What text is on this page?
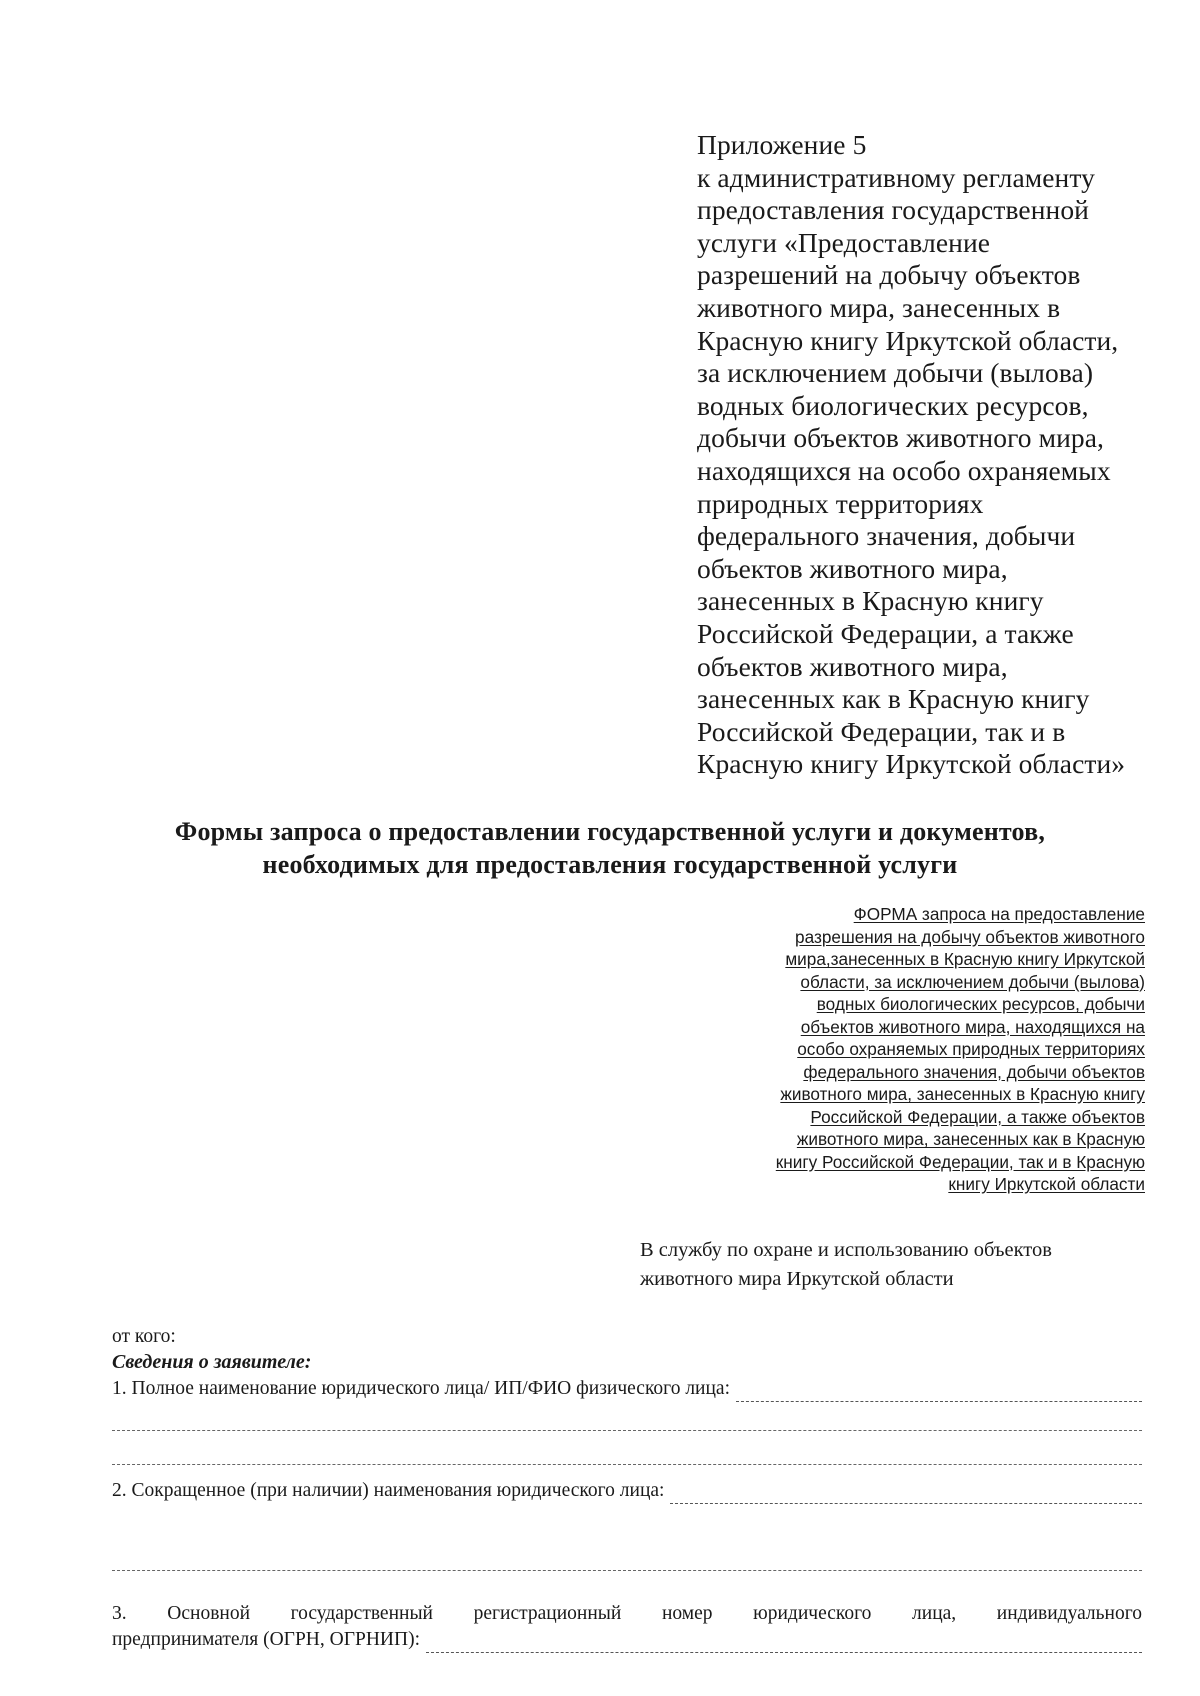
Приложение 5
к административному регламенту
предоставления государственной
услуги «Предоставление
разрешений на добычу объектов
животного мира, занесенных в
Красную книгу Иркутской области,
за исключением добычи (вылова)
водных биологических ресурсов,
добычи объектов животного мира,
находящихся на особо охраняемых
природных территориях
федерального значения, добычи
объектов животного мира,
занесенных в Красную книгу
Российской Федерации, а также
объектов животного мира,
занесенных как в Красную книгу
Российской Федерации, так и в
Красную книгу Иркутской области»
Формы запроса о предоставлении государственной услуги и документов,
необходимых для предоставления государственной услуги
ФОРМА запроса на предоставление
разрешения на добычу объектов животного
мира,занесенных в Красную книгу Иркутской
области, за исключением добычи (вылова)
водных биологических ресурсов, добычи
объектов животного мира, находящихся на
особо охраняемых природных территориях
федерального значения, добычи объектов
животного мира, занесенных в Красную книгу
Российской Федерации, а также объектов
животного мира, занесенных как в Красную
книгу Российской Федерации, так и в Красную
книгу Иркутской области
В службу по охране и использованию объектов
животного мира Иркутской области
от кого:
Сведения о заявителе:
1. Полное наименование юридического лица/ ИП/ФИО физического лица:
2. Сокращенное (при наличии) наименования юридического лица:
3. Основной государственный регистрационный номер юридического лица, индивидуального
предпринимателя (ОГРН, ОГРНИП):
